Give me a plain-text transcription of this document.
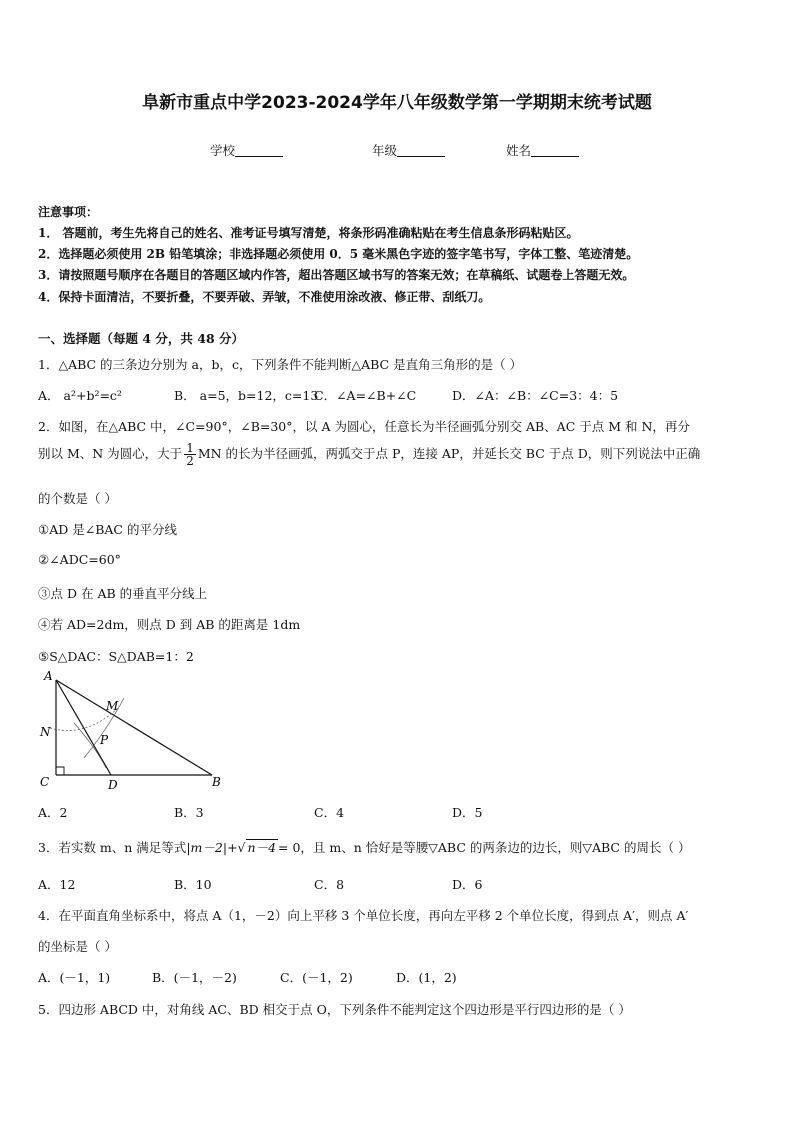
阜新市重点中学2023-2024学年八年级数学第一学期期末统考试题
学校	年级	姓名
注意事项：
1． 答题前，考生先将自己的姓名、准考证号填写清楚，将条形码准确粘贴在考生信息条形码粘贴区。
2．选择题必须使用 2B 铅笔填涂；非选择题必须使用 0．5 毫米黑色字迹的签字笔书写，字体工整、笔迹清楚。
3．请按照题号顺序在各题目的答题区域内作答，超出答题区域书写的答案无效；在草稿纸、试题卷上答题无效。
4．保持卡面清洁，不要折叠，不要弄破、弄皱，不准使用涂改液、修正带、刮纸刀。
一、选择题（每题 4 分，共 48 分）
1．△ABC 的三条边分别为 a，b，c，下列条件不能判断△ABC 是直角三角形的是（ ）
A． a²+b²=c²	B． a=5，b=12，c=13
C．∠A=∠B+∠C	D．∠A：∠B：∠C=3：4：5
2．如图，在△ABC 中，∠C=90°，∠B=30°，以 A 为圆心，任意长为半径画弧分别交 AB、AC 于点 M 和 N，再分
别以 M、N 为圆心，大于 $\frac{1}{2}$ MN 的长为半径画弧，两弧交于点 P，连接 AP，并延长交 BC 于点 D，则下列说法中正确
的个数是（ ）
①AD 是∠BAC 的平分线
②∠ADC=60°
③点 D 在 AB 的垂直平分线上
④若 AD=2dm，则点 D 到 AB 的距离是 1dm
⑤S△DAC：S△DAB=1：2
A
C	B
D
M
N
P
A．2	B．3	C．4	D．5
3．若实数 m、n 满足等式|m－2|+√ n－4 = 0，且 m、n 恰好是等腰▽ABC 的两条边的边长，则▽ABC 的周长（ ）
A．12	B．10	C．8	D．6
4．在平面直角坐标系中，将点 A（1，－2）向上平移 3 个单位长度，再向左平移 2 个单位长度，得到点 A′，则点 A′
的坐标是（ ）
A．(－1，1)	B．(－1，－2)	C．(－1，2)	D．(1，2)
5．四边形 ABCD 中，对角线 AC、BD 相交于点 O，下列条件不能判定这个四边形是平行四边形的是（ ）
